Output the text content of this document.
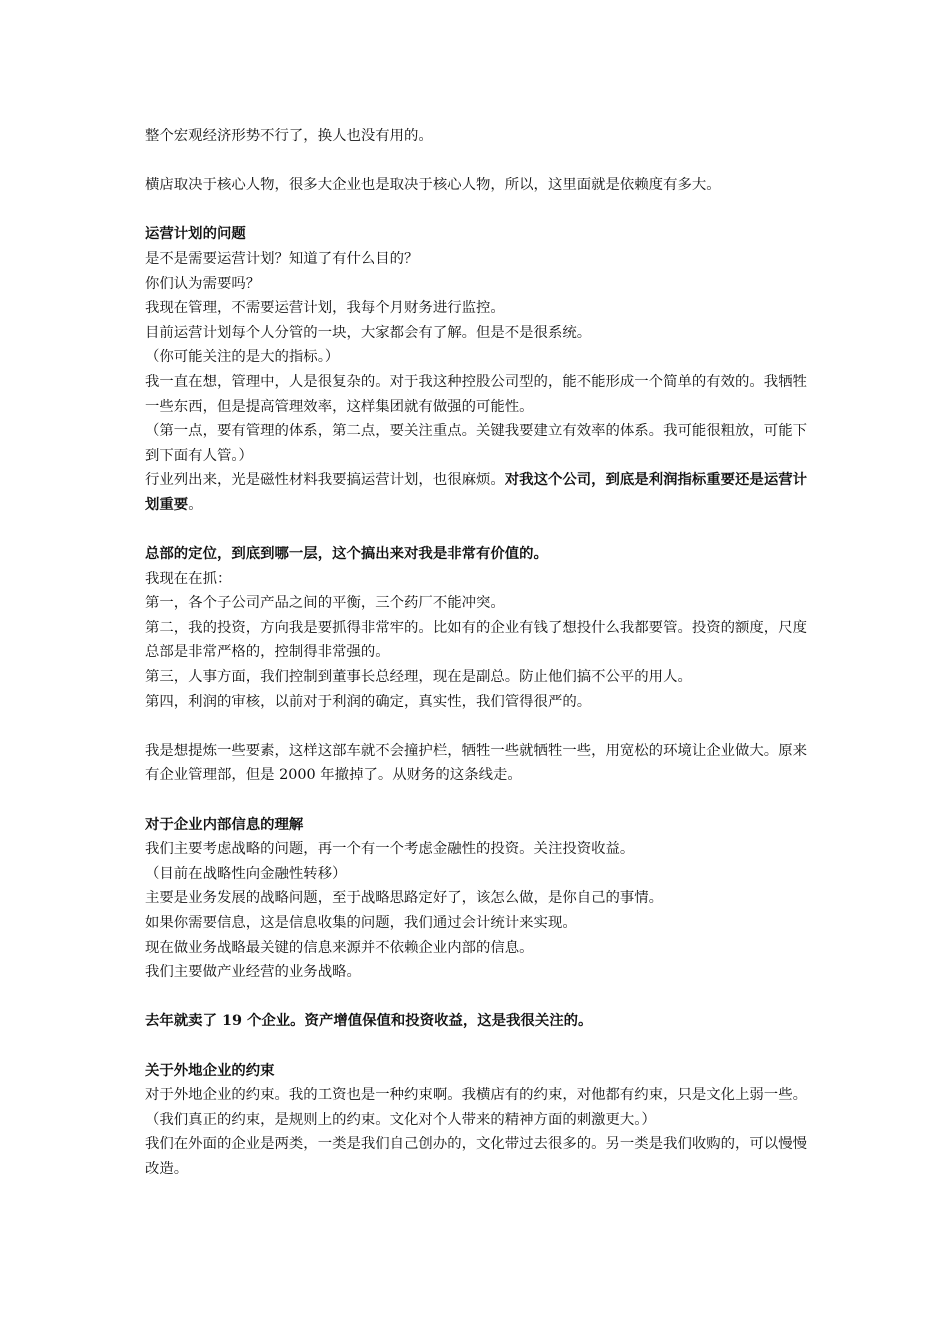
整个宏观经济形势不行了，换人也没有用的。

横店取决于核心人物，很多大企业也是取决于核心人物，所以，这里面就是依赖度有多大。

运营计划的问题

是不是需要运营计划？知道了有什么目的？

你们认为需要吗？

我现在管理，不需要运营计划，我每个月财务进行监控。

目前运营计划每个人分管的一块，大家都会有了解。但是不是很系统。

（你可能关注的是大的指标。）

我一直在想，管理中，人是很复杂的。对于我这种控股公司型的，能不能形成一个简单的有效的。我牺牲一些东西，但是提高管理效率，这样集团就有做强的可能性。

（第一点，要有管理的体系，第二点，要关注重点。关键我要建立有效率的体系。我可能很粗放，可能下到下面有人管。）

行业列出来，光是磁性材料我要搞运营计划，也很麻烦。对我这个公司，到底是利润指标重要还是运营计划重要。

总部的定位，到底到哪一层，这个搞出来对我是非常有价值的。

我现在在抓：

第一，各个子公司产品之间的平衡，三个药厂不能冲突。

第二，我的投资，方向我是要抓得非常牢的。比如有的企业有钱了想投什么我都要管。投资的额度，尺度总部是非常严格的，控制得非常强的。

第三，人事方面，我们控制到董事长总经理，现在是副总。防止他们搞不公平的用人。

第四，利润的审核，以前对于利润的确定，真实性，我们管得很严的。

我是想提炼一些要素，这样这部车就不会撞护栏，牺牲一些就牺牲一些，用宽松的环境让企业做大。原来有企业管理部，但是 2000 年撤掉了。从财务的这条线走。

对于企业内部信息的理解

我们主要考虑战略的问题，再一个有一个考虑金融性的投资。关注投资收益。

（目前在战略性向金融性转移）

主要是业务发展的战略问题，至于战略思路定好了，该怎么做，是你自己的事情。

如果你需要信息，这是信息收集的问题，我们通过会计统计来实现。

现在做业务战略最关键的信息来源并不依赖企业内部的信息。

我们主要做产业经营的业务战略。

去年就卖了 19 个企业。资产增值保值和投资收益，这是我很关注的。

关于外地企业的约束

对于外地企业的约束。我的工资也是一种约束啊。我横店有的约束，对他都有约束，只是文化上弱一些。

（我们真正的约束，是规则上的约束。文化对个人带来的精神方面的刺激更大。）

我们在外面的企业是两类，一类是我们自己创办的，文化带过去很多的。另一类是我们收购的，可以慢慢改造。
